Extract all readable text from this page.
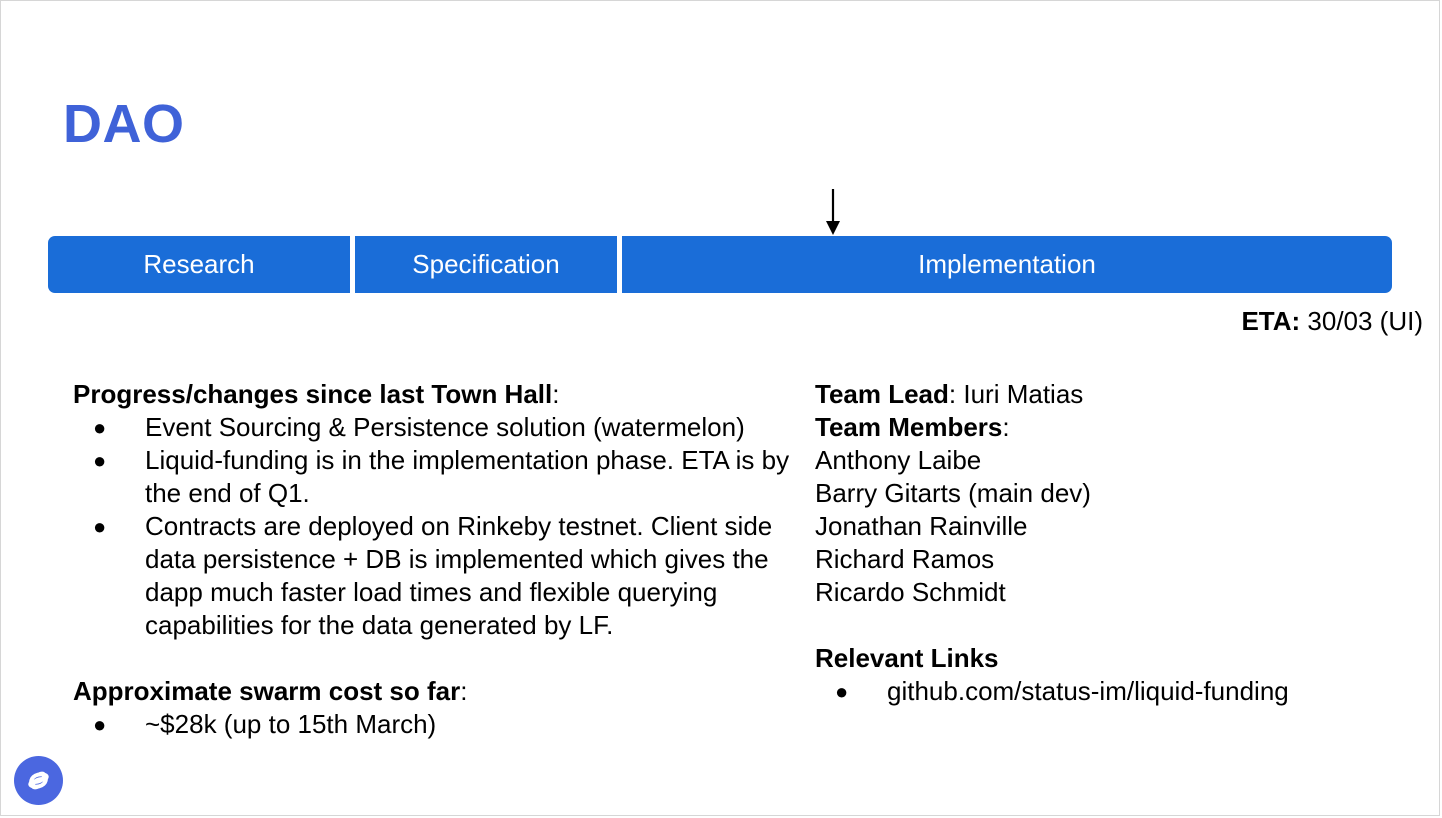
DAO
Research	Specification	Implementation
ETA: 30/03 (UI)
Progress/changes since last Town Hall:
● Event Sourcing & Persistence solution (watermelon)
● Liquid-funding is in the implementation phase. ETA is by the end of Q1.
● Contracts are deployed on Rinkeby testnet. Client side data persistence + DB is implemented which gives the dapp much faster load times and flexible querying capabilities for the data generated by LF.
Approximate swarm cost so far:
● ~$28k (up to 15th March)
Team Lead: Iuri Matias
Team Members:
Anthony Laibe
Barry Gitarts (main dev)
Jonathan Rainville
Richard Ramos
Ricardo Schmidt
Relevant Links
● github.com/status-im/liquid-funding
